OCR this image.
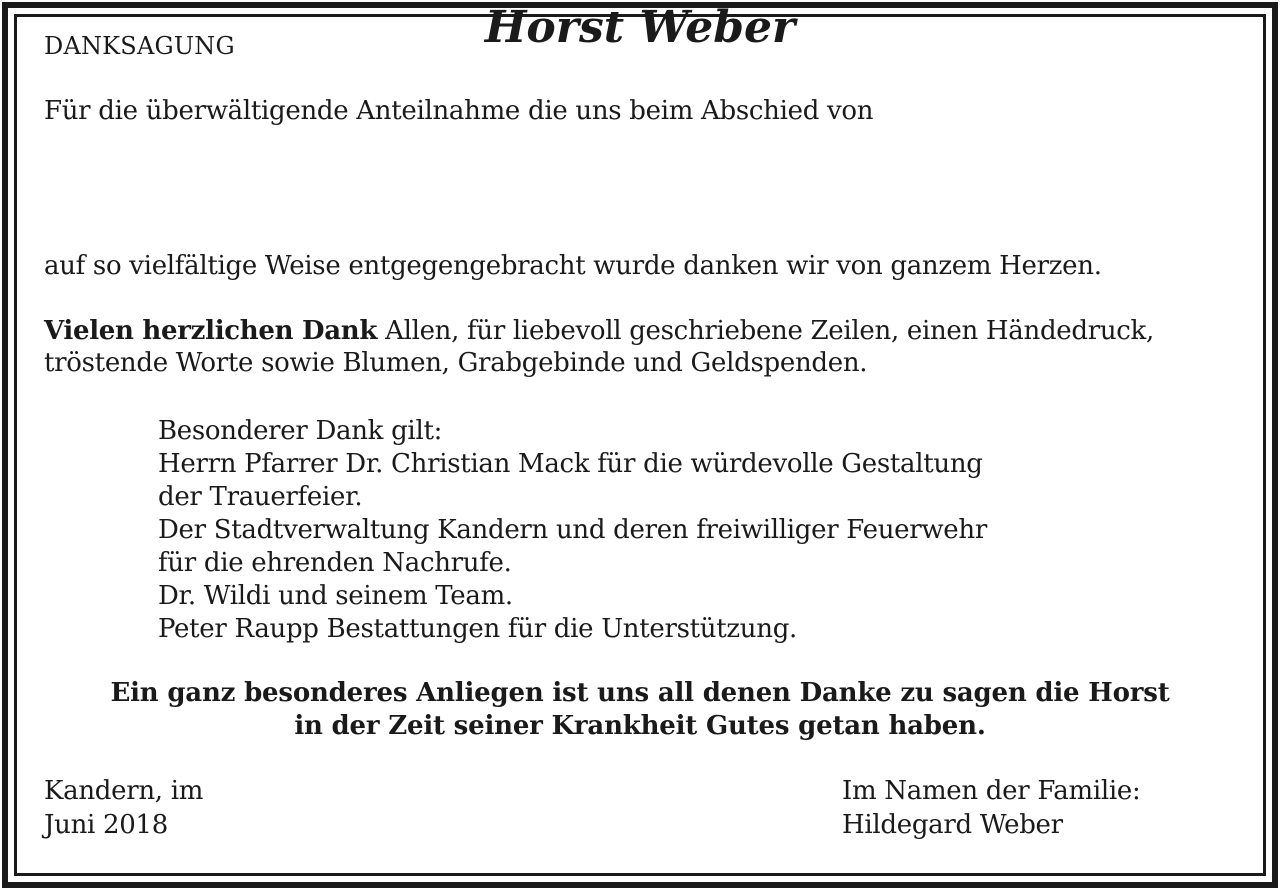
DANKSAGUNG
Für die überwältigende Anteilnahme die uns beim Abschied von
Horst Weber
auf so vielfältige Weise entgegengebracht wurde danken wir von ganzem Herzen.
Vielen herzlichen Dank Allen, für liebevoll geschriebene Zeilen, einen Händedruck,
tröstende Worte sowie Blumen, Grabgebinde und Geldspenden.
Besonderer Dank gilt:
Herrn Pfarrer Dr. Christian Mack für die würdevolle Gestaltung
der Trauerfeier.
Der Stadtverwaltung Kandern und deren freiwilliger Feuerwehr
für die ehrenden Nachrufe.
Dr. Wildi und seinem Team.
Peter Raupp Bestattungen für die Unterstützung.
Ein ganz besonderes Anliegen ist uns all denen Danke zu sagen die Horst
in der Zeit seiner Krankheit Gutes getan haben.
Kandern, im
Juni 2018
Im Namen der Familie:
Hildegard Weber
